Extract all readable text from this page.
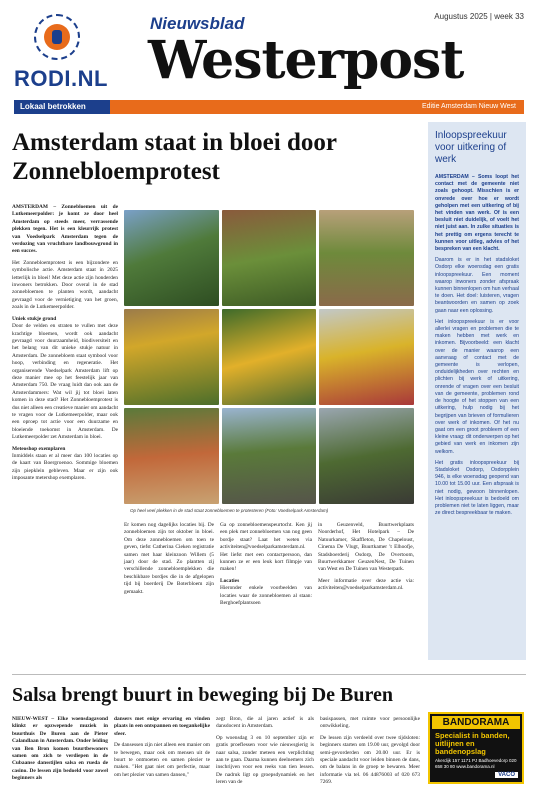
RODI.NL
Nieuwsblad
Westerpost
Augustus 2025 | week 33
Lokaal betrokken	Editie Amsterdam Nieuw West
Amsterdam staat in bloei door Zonnebloemprotest

AMSTERDAM – Zonnebloemen uit de Lutkemeerpolder: je komt ze door heel Amsterdam op steeds meer, verrassende plekken tegen. Het is een kleurrijk protest van Voedselpark Amsterdam tegen de verdozing van vruchtbare landbouwgrond in een succes.

Het Zonnebloemprotest is een bijzondere en symbolische actie. Amsterdam staat in 2025 letterlijk in bloei! Met deze actie zijn honderden inwoners betrokken. Door overal in de stad zonnebloemen te planten wordt, aandacht gevraagd voor de vernietiging van het groen, zoals in de Lutkemeerpolder.

Uniek stukje grond

Door de velden en straten te vullen met deze krachtige bloemen, wordt ook aandacht gevraagd voor duurzaamheid, biodiversiteit en het belang van dit unieke stukje natuur in Amsterdam. De zonnebloem staat symbool voor hoop, verbinding en regeneratie. Het organiserende Voedselpark Amsterdam lift op deze manier mee op het feestelijk jaar van Amsterdam 750. De vraag luidt dan ook aan de Amsterdammers: Wat wil jij tot bloei laten komen in deze stad? Het Zonnebloemprotest is dus niet alleen een creatieve manier om aandacht te vragen voor de Lutkemeerpolder, maar ook een oproep tot actie voor een duurzame en bloeiende toekomst in Amsterdam. De Lutkemeerpolder zet Amsterdam in bloei.

Meteoshop exemplaren

Inmiddels staan er al meer dan 100 locaties op de kaart van Boergroenoo. Sommige bloemen zijn piepklein gebleven. Maar er zijn ook imposante metershop exemplaren.

Op heel veel plekken in de stad staat zonnebloemen te protesteren (Foto: Voedselpark Amsterdam)

Er komen nog dagelijks locaties bij. De zonnebloemen zijn tot oktober in bloei. Om deze zonnebloemen om toen te geven, tiefst Catherina Cieken registratie samen met haar kleinzoon Willem (5 jaar) door de stad. Zo plantten zij verschillende zonnebloemplekken die beschikbare bordjes die in de afgelopen tijd bij boerderij De Boterbloem zijn gemaakt.

Ga op zonnebloemenspeurtocht. Ken jij een plek met zonnebloemen van nog geen bordje staat? Laat het weten via activiteiten@voedselparkamsterdam.nl. Het liefst met een contactpersoon, dan kunnen ze er een leuk kort filmpje van maken!

Locaties

Hieronder enkele voorbeelden van locaties waar de zonnebloemen al staan: Berghoefplantsoen

in Geuzenveld, Buurtwerkplaats Noorderhof, Het Hotelpark – De Natuurkamer, Skaffleton, De Chapeloust, Cinema De Vlugt, Buurtkamer 't Elhoofje, Stadsboerderij Osdorp, De Overtoom, Buurtwerkkamer GeuzenNest, De Tuinen van West en De Tuinen van Westerpark.

Meer informatie over deze actie via: activiteiten@voedselparkamsterdam.nl.

Inloopspreekuur voor uitkering of werk

AMSTERDAM – Soms loopt het contact met de gemeente niet zoals gehoopt. Misschien is er onvrede over hoe er wordt geholpen met een uitkering of bij het vinden van werk. Of is een besluit niet duidelijk, of voelt het niet juist aan. In zulke situaties is het prettig om ergens terecht te kunnen voor uitleg, advies of het bespreken van een klacht.

Daarom is er in het stadsloket Osdorp elke woensdag een gratis inloopspreekuur. Een moment waarop inwoners zonder afspraak kunnen binnenlopen om hun verhaal te doen. Het doel: luisteren, vragen beantwoorden en samen op zoek gaan naar een oplossing.

Het inloopspreekuur is er voor allerlei vragen en problemen die te maken hebben met werk en inkomen. Bijvoorbeeld: een klacht over de manier waarop een aanvraag of contact met de gemeente is verlopen, onduidelijkheden over rechten en plichten bij werk of uitkering, onrende of vragen over een besluit van de gemeente, problemen rond de hoogte of het stoppen van een uitkering, hulp nodig bij het begrijpen van brieven of formulieren over werk of inkomen. Of het nu gaat om een groot probleem of een kleine vraag: dit onderwerpen op het gebied van werk en inkomen zijn welkom.

Het gratis inloopspreekuur bij Stadsloket Osdorp, Osdorpplein 946, is elke woensdag geopend van 10.00 tot 15.00 uur. Een afspraak is niet nodig, gewoon binnenlopen. Het inloopspreekuur is bedoeld om problemen niet te laten liggen, maar ze direct bespreekbaar te maken.

Salsa brengt buurt in beweging bij De Buren

NIEUW-WEST – Elke woensdagavond klinkt er opzwepende muziek in buurthuis De Buren aan de Pieter Calandlaan in Amsterdam. Onder leiding van Ben Bron komen buurtbewoners samen om zich te verdiepen in de Cubaanse dansstijlen salsa en rueda de casino. De lessen zijn bedoeld voor zowel beginners als

dansers met enige ervaring en vinden plaats in een ontspannen en toegankelijke sfeer.

De dansessen zijn niet alleen een manier om te bewegen, maar ook om mensen uit de buurt te ontmoeten en samen plezier te maken. "Het gaat niet om perfectie, maar om het plezier van samen dansen,"

zegt Bron, die al jaren actief is als dansdocent in Amsterdam.

Op woensdag 3 en 10 september zijn er gratis proeflessen voor wie nieuwsgierig is naar salsa, zonder meteen een verplichting aan te gaan. Daarna kunnen deelnemers zich inschrijven voor een reeks van tien lessen. De nadruk ligt op groepsdynamiek en het leren van de

basispassen, met ruimte voor persoonlijke ontwikkeling.

De lessen zijn verdeeld over twee tijdsloten: beginners starten om 19.00 uur, gevolgd door semi-gevorderden om 20.00 uur. Er is speciale aandacht voor leiden binnen de dans, om de balans in de groep te bewaren. Meer informatie via tel. 06 44876003 of 020 673 7269.

BANDORAMA
Specialist in banden, uitlijnen en bandenopslag
Akerdijk 157 1171 PJ Badhoevedorp 020 658 30 80 www.bandorama.nl
VACO
